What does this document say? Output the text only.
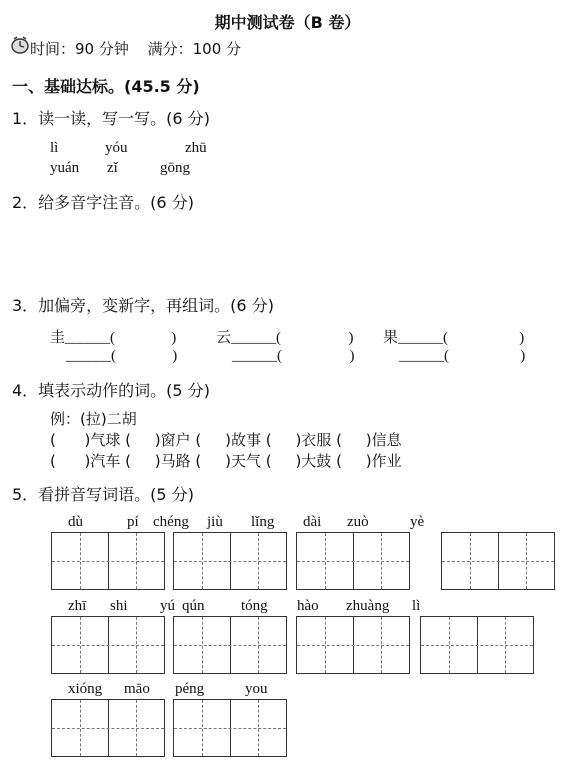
期中测试卷（B 卷）
时间：90 分钟 满分：100 分
一、基础达标。(45.5 分)
1．读一读，写一写。(6 分)
lì	yóu	zhū
yuán zǐ	gōng
2．给多音字注音。(6 分)
3．加偏旁，变新字，再组词。(6 分)
圭______(               )	云______(                  ) 果______(                   )
______(               )	______(                  )	______(                   )
4．填表示动作的词。(5 分)
例：(拉)二胡
(      )气球 (     )窗户 (     )故事 (     )衣服 (     )信息
(      )汽车 (     )马路 (     )天气 (     )大鼓 (     )作业
5．看拼音写词语。(5 分)
dù	pí chéng jiù lǐng dài zuò	yè
zhī shi yú qún tóng hào zhuàng lì
xióng māo péng	you
